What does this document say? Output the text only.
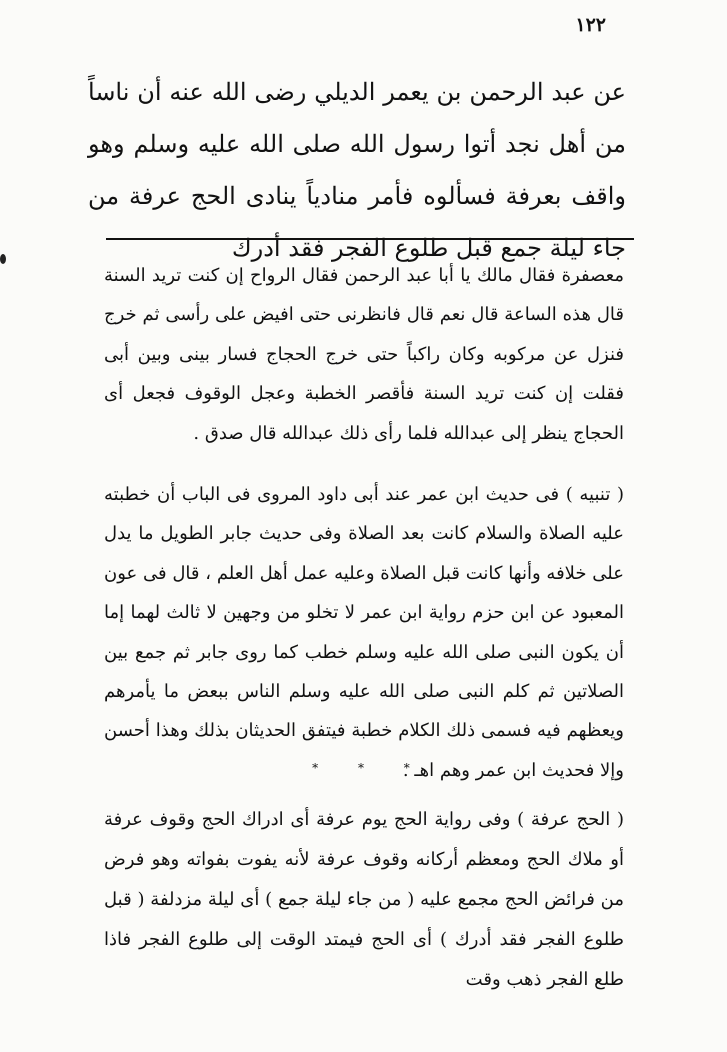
١٢٢
عن عبد الرحمن بن يعمر الديلي رضى الله عنه أن ناساً من أهل نجد أتوا رسول الله صلى الله عليه وسلم وهو واقف بعرفة فسألوه فأمر منادياً ينادى الحج عرفة من جاء ليلة جمع قبل طلوع الفجر فقد أدرك
معصفرة فقال مالك يا أبا عبد الرحمن فقال الرواح إن كنت تريد السنة قال هذه الساعة قال نعم قال فانظرنى حتى افيض على رأسى ثم خرج فنزل عن مركوبه وكان راكباً حتى خرج الحجاج فسار بينى وبين أبى فقلت إن كنت تريد السنة فأقصر الخطبة وعجل الوقوف فجعل أى الحجاج ينظر إلى عبدالله فلما رأى ذلك عبدالله قال صدق .
( تنبيه ) فى حديث ابن عمر عند أبى داود المروى فى الباب أن خطبته عليه الصلاة والسلام كانت بعد الصلاة وفى حديث جابر الطويل ما يدل على خلافه وأنها كانت قبل الصلاة وعليه عمل أهل العلم ، قال فى عون المعبود عن ابن حزم رواية ابن عمر لا تخلو من وجهين لا ثالث لهما إما أن يكون النبى صلى الله عليه وسلم خطب كما روى جابر ثم جمع بين الصلاتين ثم كلم النبى صلى الله عليه وسلم الناس ببعض ما يأمرهم ويعظهم فيه فسمى ذلك الكلام خطبة فيتفق الحديثان بذلك وهذا أحسن وإلا فحديث ابن عمر وهم اهـ .
* * *
( الحج عرفة ) وفى رواية الحج يوم عرفة أى ادراك الحج وقوف عرفة أو ملاك الحج ومعظم أركانه وقوف عرفة لأنه يفوت بفواته وهو فرض من فرائض الحج مجمع عليه ( من جاء ليلة جمع ) أى ليلة مزدلفة ( قبل طلوع الفجر فقد أدرك ) أى الحج فيمتد الوقت إلى طلوع الفجر فاذا طلع الفجر ذهب وقت
